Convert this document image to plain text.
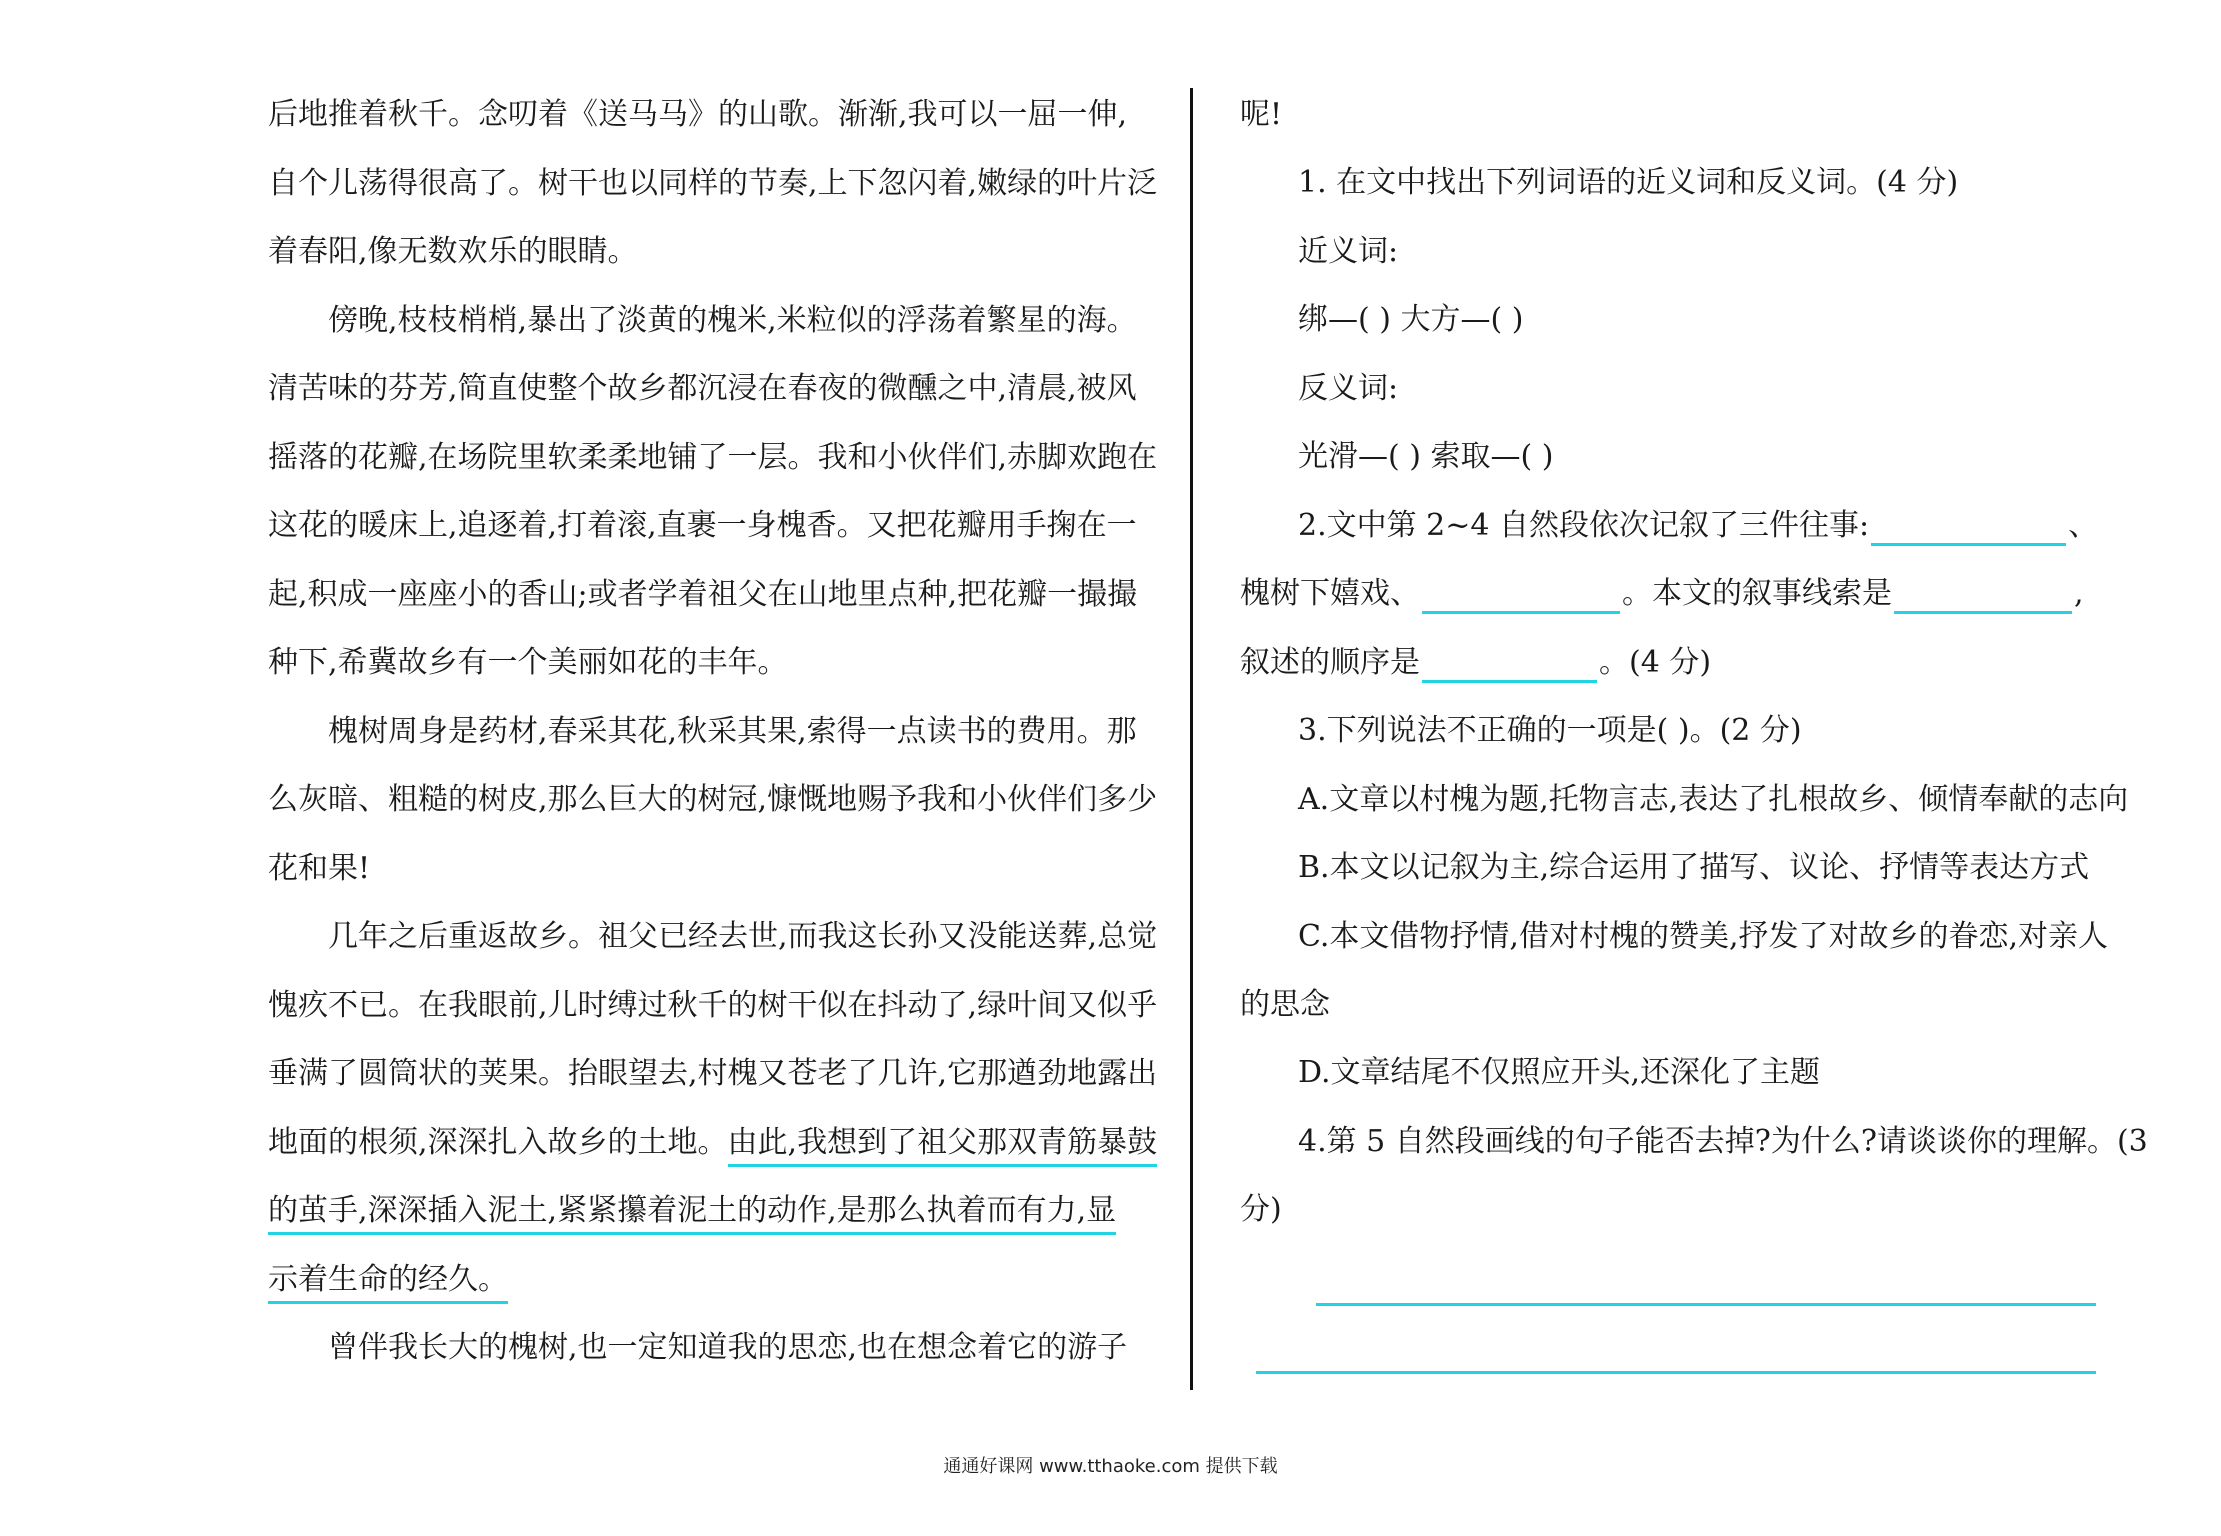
后地推着秋千。念叨着《送马马》的山歌。渐渐,我可以一屈一伸,
自个儿荡得很高了。树干也以同样的节奏,上下忽闪着,嫩绿的叶片泛
着春阳,像无数欢乐的眼睛。
傍晚,枝枝梢梢,暴出了淡黄的槐米,米粒似的浮荡着繁星的海。
清苦味的芬芳,简直使整个故乡都沉浸在春夜的微醺之中,清晨,被风
摇落的花瓣,在场院里软柔柔地铺了一层。我和小伙伴们,赤脚欢跑在
这花的暖床上,追逐着,打着滚,直裹一身槐香。又把花瓣用手掬在一
起,积成一座座小的香山;或者学着祖父在山地里点种,把花瓣一撮撮
种下,希冀故乡有一个美丽如花的丰年。
槐树周身是药材,春采其花,秋采其果,索得一点读书的费用。那
么灰暗、粗糙的树皮,那么巨大的树冠,慷慨地赐予我和小伙伴们多少
花和果!
几年之后重返故乡。祖父已经去世,而我这长孙又没能送葬,总觉
愧疚不已。在我眼前,儿时缚过秋千的树干似在抖动了,绿叶间又似乎
垂满了圆筒状的荚果。抬眼望去,村槐又苍老了几许,它那遒劲地露出
地面的根须,深深扎入故乡的土地。由此,我想到了祖父那双青筋暴鼓
的茧手,深深插入泥土,紧紧攥着泥土的动作,是那么执着而有力,显
示着生命的经久。
曾伴我长大的槐树,也一定知道我的思恋,也在想念着它的游子
呢!
1. 在文中找出下列词语的近义词和反义词。(4 分)
近义词:
绑—( ) 大方—( )
反义词:
光滑—( ) 索取—( )
2.文中第 2~4 自然段依次记叙了三件往事:	、
槐树下嬉戏、	。本文的叙事线索是	,
叙述的顺序是	。(4 分)
3.下列说法不正确的一项是( )。(2 分)
A.文章以村槐为题,托物言志,表达了扎根故乡、倾情奉献的志向
B.本文以记叙为主,综合运用了描写、议论、抒情等表达方式
C.本文借物抒情,借对村槐的赞美,抒发了对故乡的眷恋,对亲人
的思念
D.文章结尾不仅照应开头,还深化了主题
4.第 5 自然段画线的句子能否去掉?为什么?请谈谈你的理解。(3
分)
通通好课网 www.tthaoke.com 提供下载
